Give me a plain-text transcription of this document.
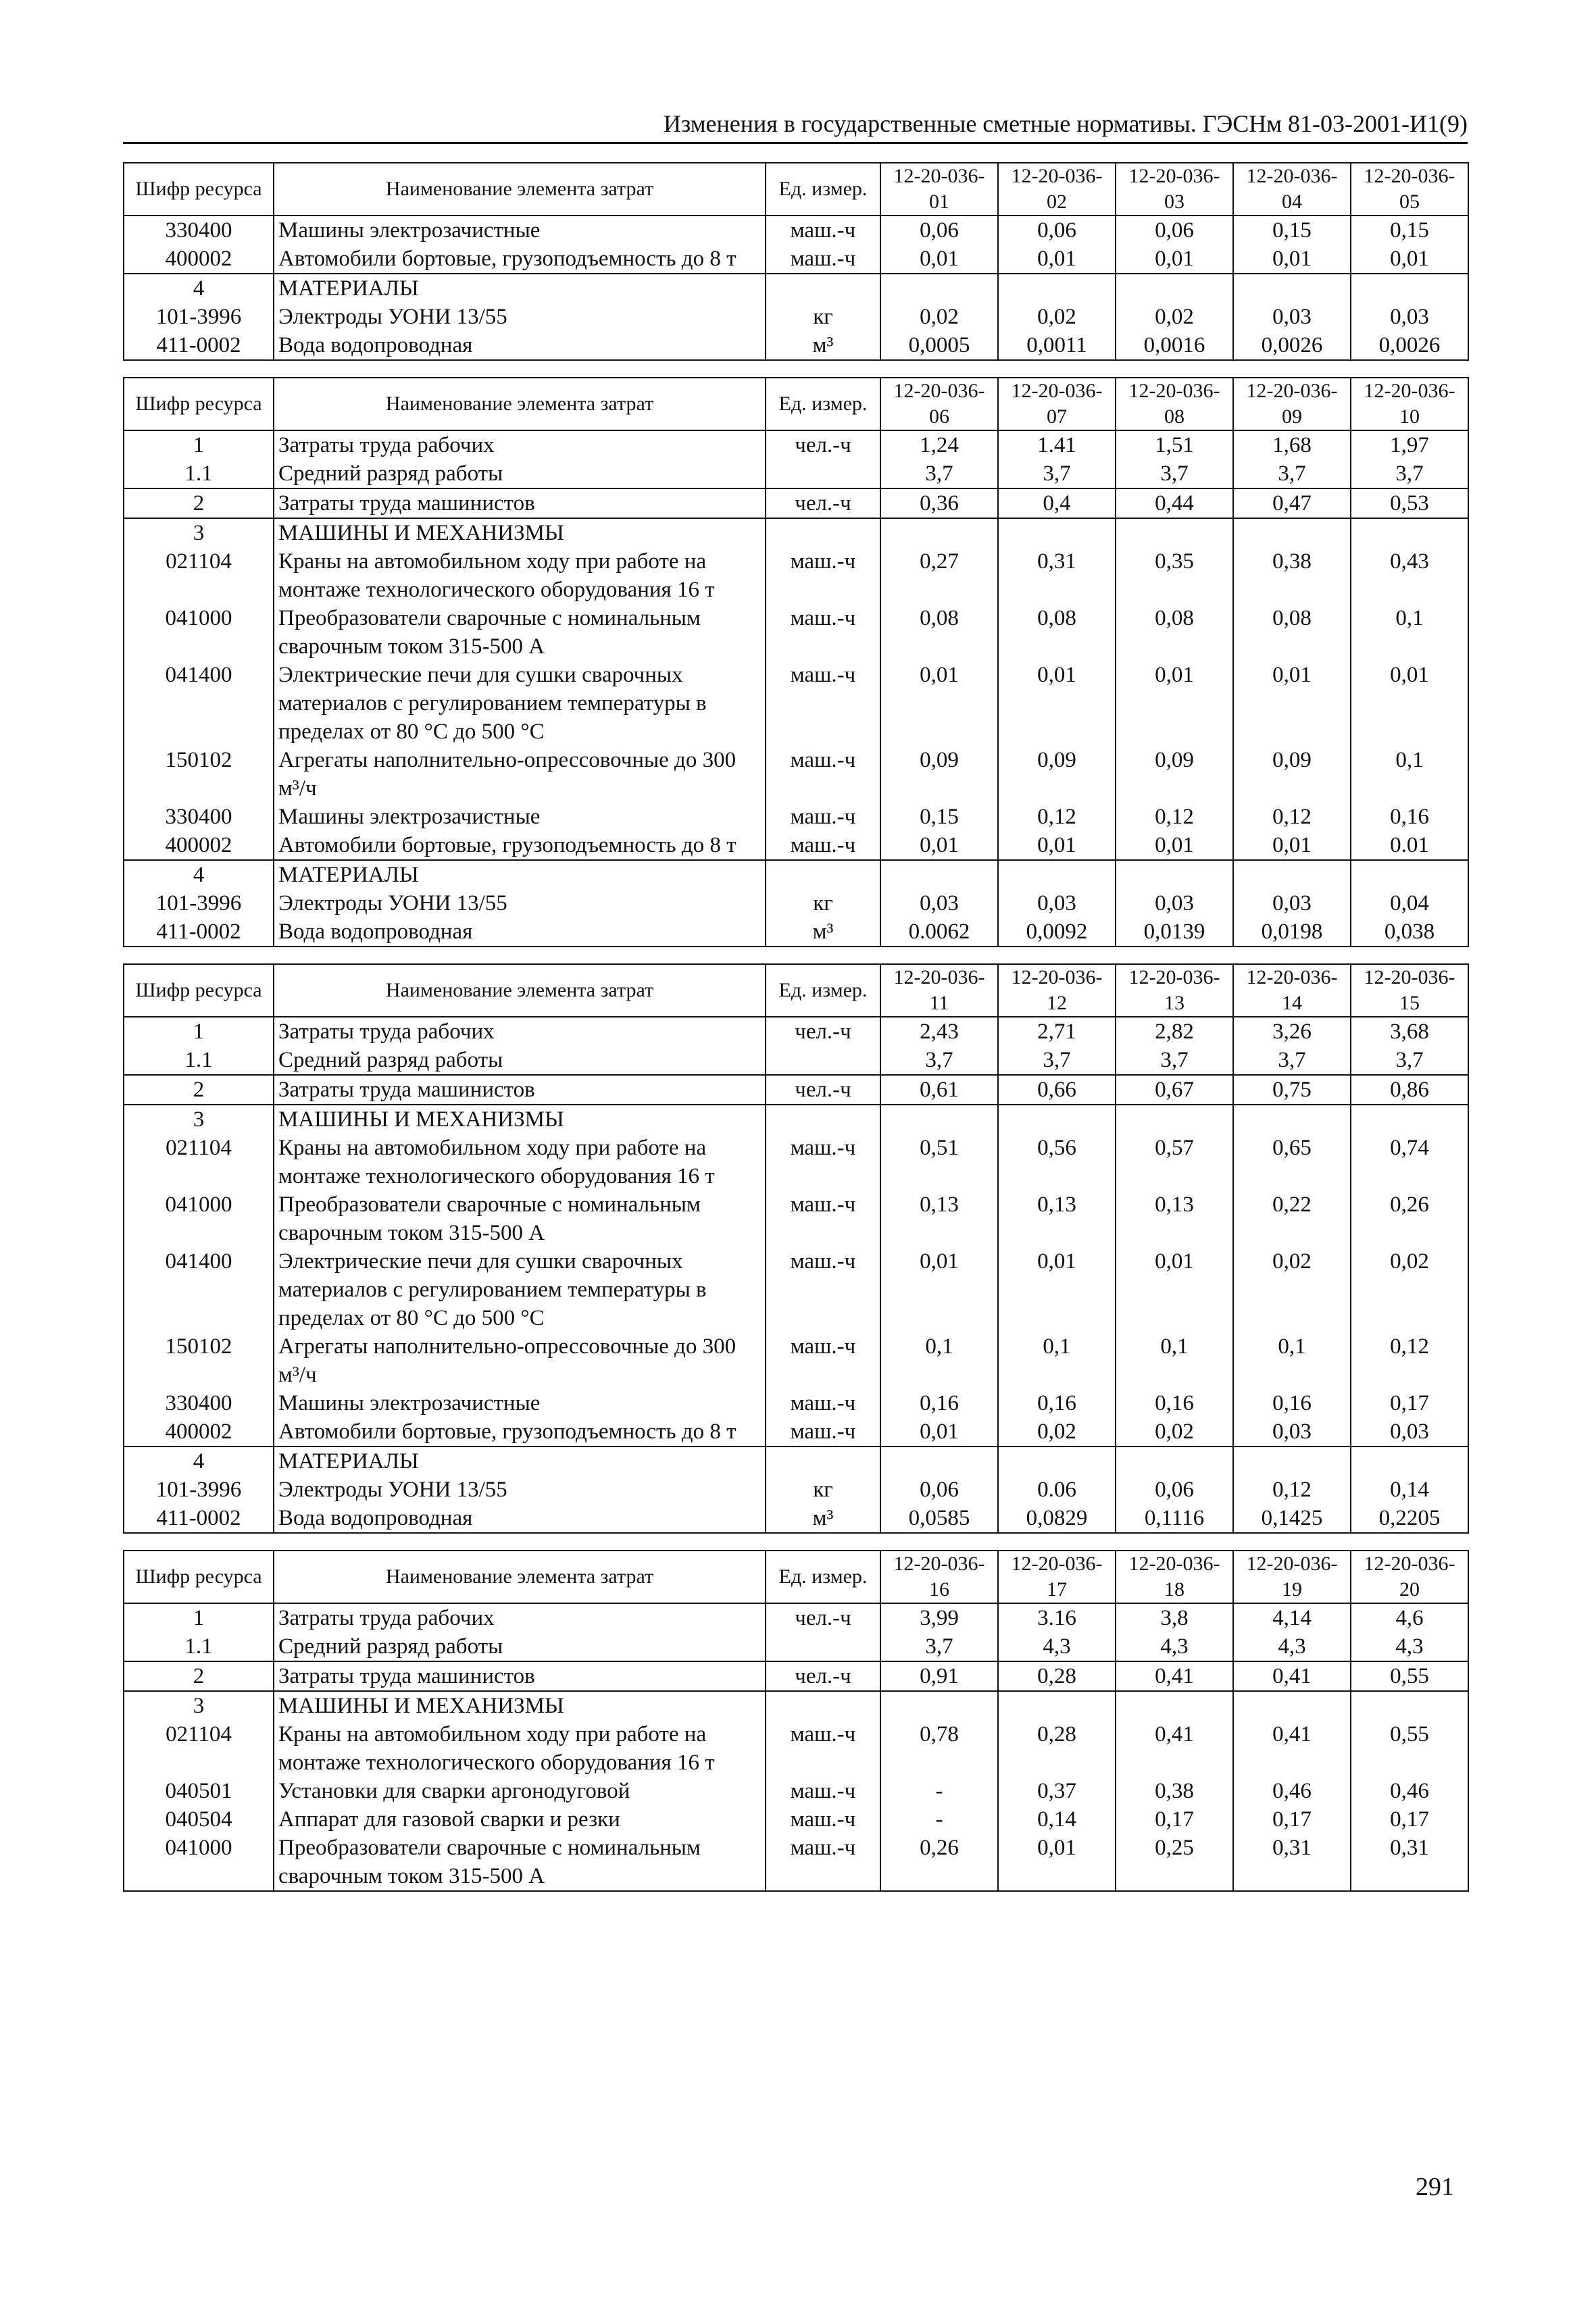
Изменения в государственные сметные нормативы. ГЭСНм 81-03-2001-И1(9)
Шифр ресурса	Наименование элемента затрат	Ед. измер.	12-20-036-01	12-20-036-02	12-20-036-03	12-20-036-04	12-20-036-05
330400	Машины электрозачистные	маш.-ч	0,06	0,06	0,06	0,15	0,15
400002	Автомобили бортовые, грузоподъемность до 8 т	маш.-ч	0,01	0,01	0,01	0,01	0,01
4	МАТЕРИАЛЫ						
101-3996	Электроды УОНИ 13/55	кг	0,02	0,02	0,02	0,03	0,03
411-0002	Вода водопроводная	м³	0,0005	0,0011	0,0016	0,0026	0,0026
Шифр ресурса	Наименование элемента затрат	Ед. измер.	12-20-036-06	12-20-036-07	12-20-036-08	12-20-036-09	12-20-036-10
1	Затраты труда рабочих	чел.-ч	1,24	1.41	1,51	1,68	1,97
1.1	Средний разряд работы		3,7	3,7	3,7	3,7	3,7
2	Затраты труда машинистов	чел.-ч	0,36	0,4	0,44	0,47	0,53
3	МАШИНЫ И МЕХАНИЗМЫ						
021104	Краны на автомобильном ходу при работе на монтаже технологического оборудования 16 т	маш.-ч	0,27	0,31	0,35	0,38	0,43
041000	Преобразователи сварочные с номинальным сварочным током 315-500 А	маш.-ч	0,08	0,08	0,08	0,08	0,1
041400	Электрические печи для сушки сварочных материалов с регулированием температуры в пределах от 80 °С до 500 °С	маш.-ч	0,01	0,01	0,01	0,01	0,01
150102	Агрегаты наполнительно-опрессовочные до 300 м³/ч	маш.-ч	0,09	0,09	0,09	0,09	0,1
330400	Машины электрозачистные	маш.-ч	0,15	0,12	0,12	0,12	0,16
400002	Автомобили бортовые, грузоподъемность до 8 т	маш.-ч	0,01	0,01	0,01	0,01	0.01
4	МАТЕРИАЛЫ						
101-3996	Электроды УОНИ 13/55	кг	0,03	0,03	0,03	0,03	0,04
411-0002	Вода водопроводная	м³	0.0062	0,0092	0,0139	0,0198	0,038
Шифр ресурса	Наименование элемента затрат	Ед. измер.	12-20-036-11	12-20-036-12	12-20-036-13	12-20-036-14	12-20-036-15
1	Затраты труда рабочих	чел.-ч	2,43	2,71	2,82	3,26	3,68
1.1	Средний разряд работы		3,7	3,7	3,7	3,7	3,7
2	Затраты труда машинистов	чел.-ч	0,61	0,66	0,67	0,75	0,86
3	МАШИНЫ И МЕХАНИЗМЫ						
021104	Краны на автомобильном ходу при работе на монтаже технологического оборудования 16 т	маш.-ч	0,51	0,56	0,57	0,65	0,74
041000	Преобразователи сварочные с номинальным сварочным током 315-500 А	маш.-ч	0,13	0,13	0,13	0,22	0,26
041400	Электрические печи для сушки сварочных материалов с регулированием температуры в пределах от 80 °С до 500 °С	маш.-ч	0,01	0,01	0,01	0,02	0,02
150102	Агрегаты наполнительно-опрессовочные до 300 м³/ч	маш.-ч	0,1	0,1	0,1	0,1	0,12
330400	Машины электрозачистные	маш.-ч	0,16	0,16	0,16	0,16	0,17
400002	Автомобили бортовые, грузоподъемность до 8 т	маш.-ч	0,01	0,02	0,02	0,03	0,03
4	МАТЕРИАЛЫ						
101-3996	Электроды УОНИ 13/55	кг	0,06	0.06	0,06	0,12	0,14
411-0002	Вода водопроводная	м³	0,0585	0,0829	0,1116	0,1425	0,2205
Шифр ресурса	Наименование элемента затрат	Ед. измер.	12-20-036-16	12-20-036-17	12-20-036-18	12-20-036-19	12-20-036-20
1	Затраты труда рабочих	чел.-ч	3,99	3.16	3,8	4,14	4,6
1.1	Средний разряд работы		3,7	4,3	4,3	4,3	4,3
2	Затраты труда машинистов	чел.-ч	0,91	0,28	0,41	0,41	0,55
3	МАШИНЫ И МЕХАНИЗМЫ						
021104	Краны на автомобильном ходу при работе на монтаже технологического оборудования 16 т	маш.-ч	0,78	0,28	0,41	0,41	0,55
040501	Установки для сварки аргонодуговой	маш.-ч	-	0,37	0,38	0,46	0,46
040504	Аппарат для газовой сварки и резки	маш.-ч	-	0,14	0,17	0,17	0,17
041000	Преобразователи сварочные с номинальным сварочным током 315-500 А	маш.-ч	0,26	0,01	0,25	0,31	0,31
291
